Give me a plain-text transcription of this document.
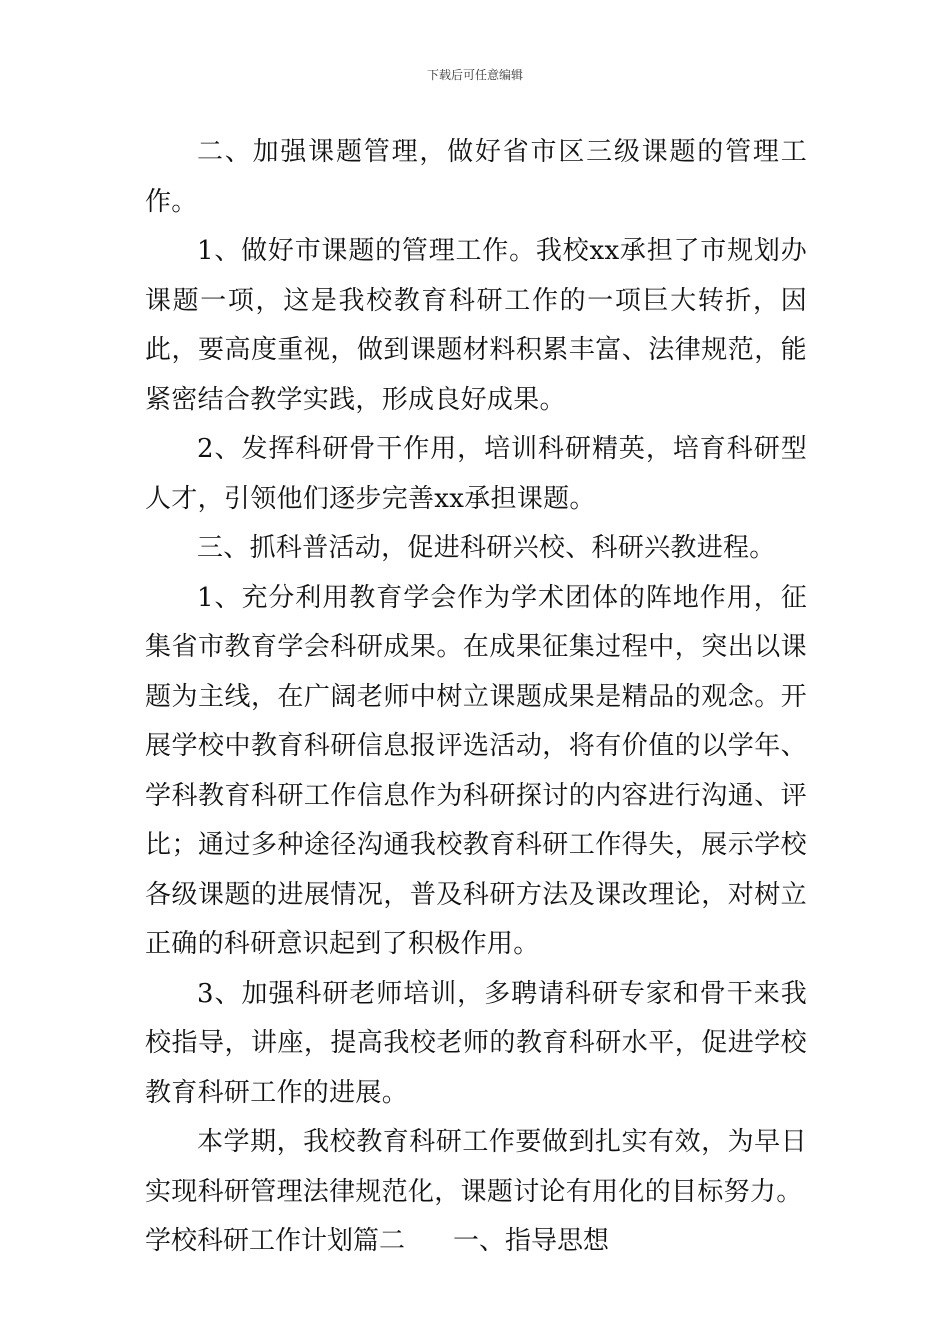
下载后可任意编辑

二、加强课题管理，做好省市区三级课题的管理工作。

1、做好市课题的管理工作。我校xx承担了市规划办课题一项，这是我校教育科研工作的一项巨大转折，因此，要高度重视，做到课题材料积累丰富、法律规范，能紧密结合教学实践，形成良好成果。

2、发挥科研骨干作用，培训科研精英，培育科研型人才，引领他们逐步完善xx承担课题。

三、抓科普活动，促进科研兴校、科研兴教进程。

1、充分利用教育学会作为学术团体的阵地作用，征集省市教育学会科研成果。在成果征集过程中，突出以课题为主线，在广阔老师中树立课题成果是精品的观念。开展学校中教育科研信息报评选活动，将有价值的以学年、学科教育科研工作信息作为科研探讨的内容进行沟通、评比；通过多种途径沟通我校教育科研工作得失，展示学校各级课题的进展情况，普及科研方法及课改理论，对树立正确的科研意识起到了积极作用。

3、加强科研老师培训，多聘请科研专家和骨干来我校指导，讲座，提高我校老师的教育科研水平，促进学校教育科研工作的进展。

本学期，我校教育科研工作要做到扎实有效，为早日实现科研管理法律规范化，课题讨论有用化的目标努力。

学校科研工作计划篇二 一、指导思想
